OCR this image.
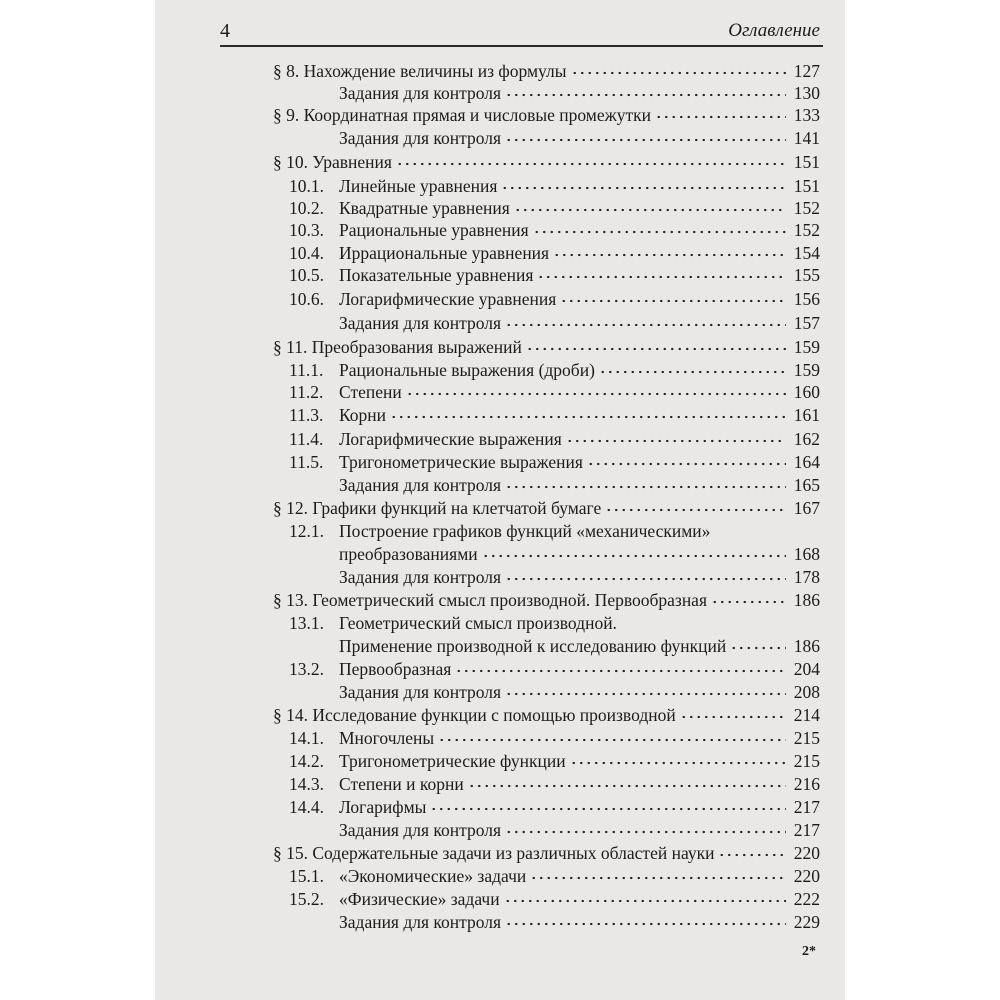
4	Оглавление
§ 8.
Нахождение величины из формулы	127
Задания для контроля	130
§ 9.
Координатная прямая и числовые промежутки	133
Задания для контроля	141
§ 10.
Уравнения	151
10.1. Линейные уравнения	151
10.2. Квадратные уравнения	152
10.3. Рациональные уравнения	152
10.4. Иррациональные уравнения	154
10.5. Показательные уравнения	155
10.6. Логарифмические уравнения	156
Задания для контроля	157
§ 11.
Преобразования выражений	159
11.1. Рациональные выражения (дроби)	159
11.2. Степени	160
11.3. Корни	161
11.4. Логарифмические выражения	162
11.5. Тригонометрические выражения	164
Задания для контроля	165
§ 12.
Графики функций на клетчатой бумаге	167
12.1. Построение графиков функций «механическими»
преобразованиями	168
Задания для контроля	178
§ 13.
Геометрический смысл производной. Первообразная	186
13.1. Геометрический смысл производной.
Применение производной к исследованию функций	186
13.2. Первообразная	204
Задания для контроля	208
§ 14.
Исследование функции с помощью производной	214
14.1. Многочлены	215
14.2. Тригонометрические функции	215
14.3. Степени и корни	216
14.4. Логарифмы	217
Задания для контроля	217
§ 15.
Содержательные задачи из различных областей науки	220
15.1. «Экономические» задачи	220
15.2. «Физические» задачи	222
Задания для контроля	229
2*
